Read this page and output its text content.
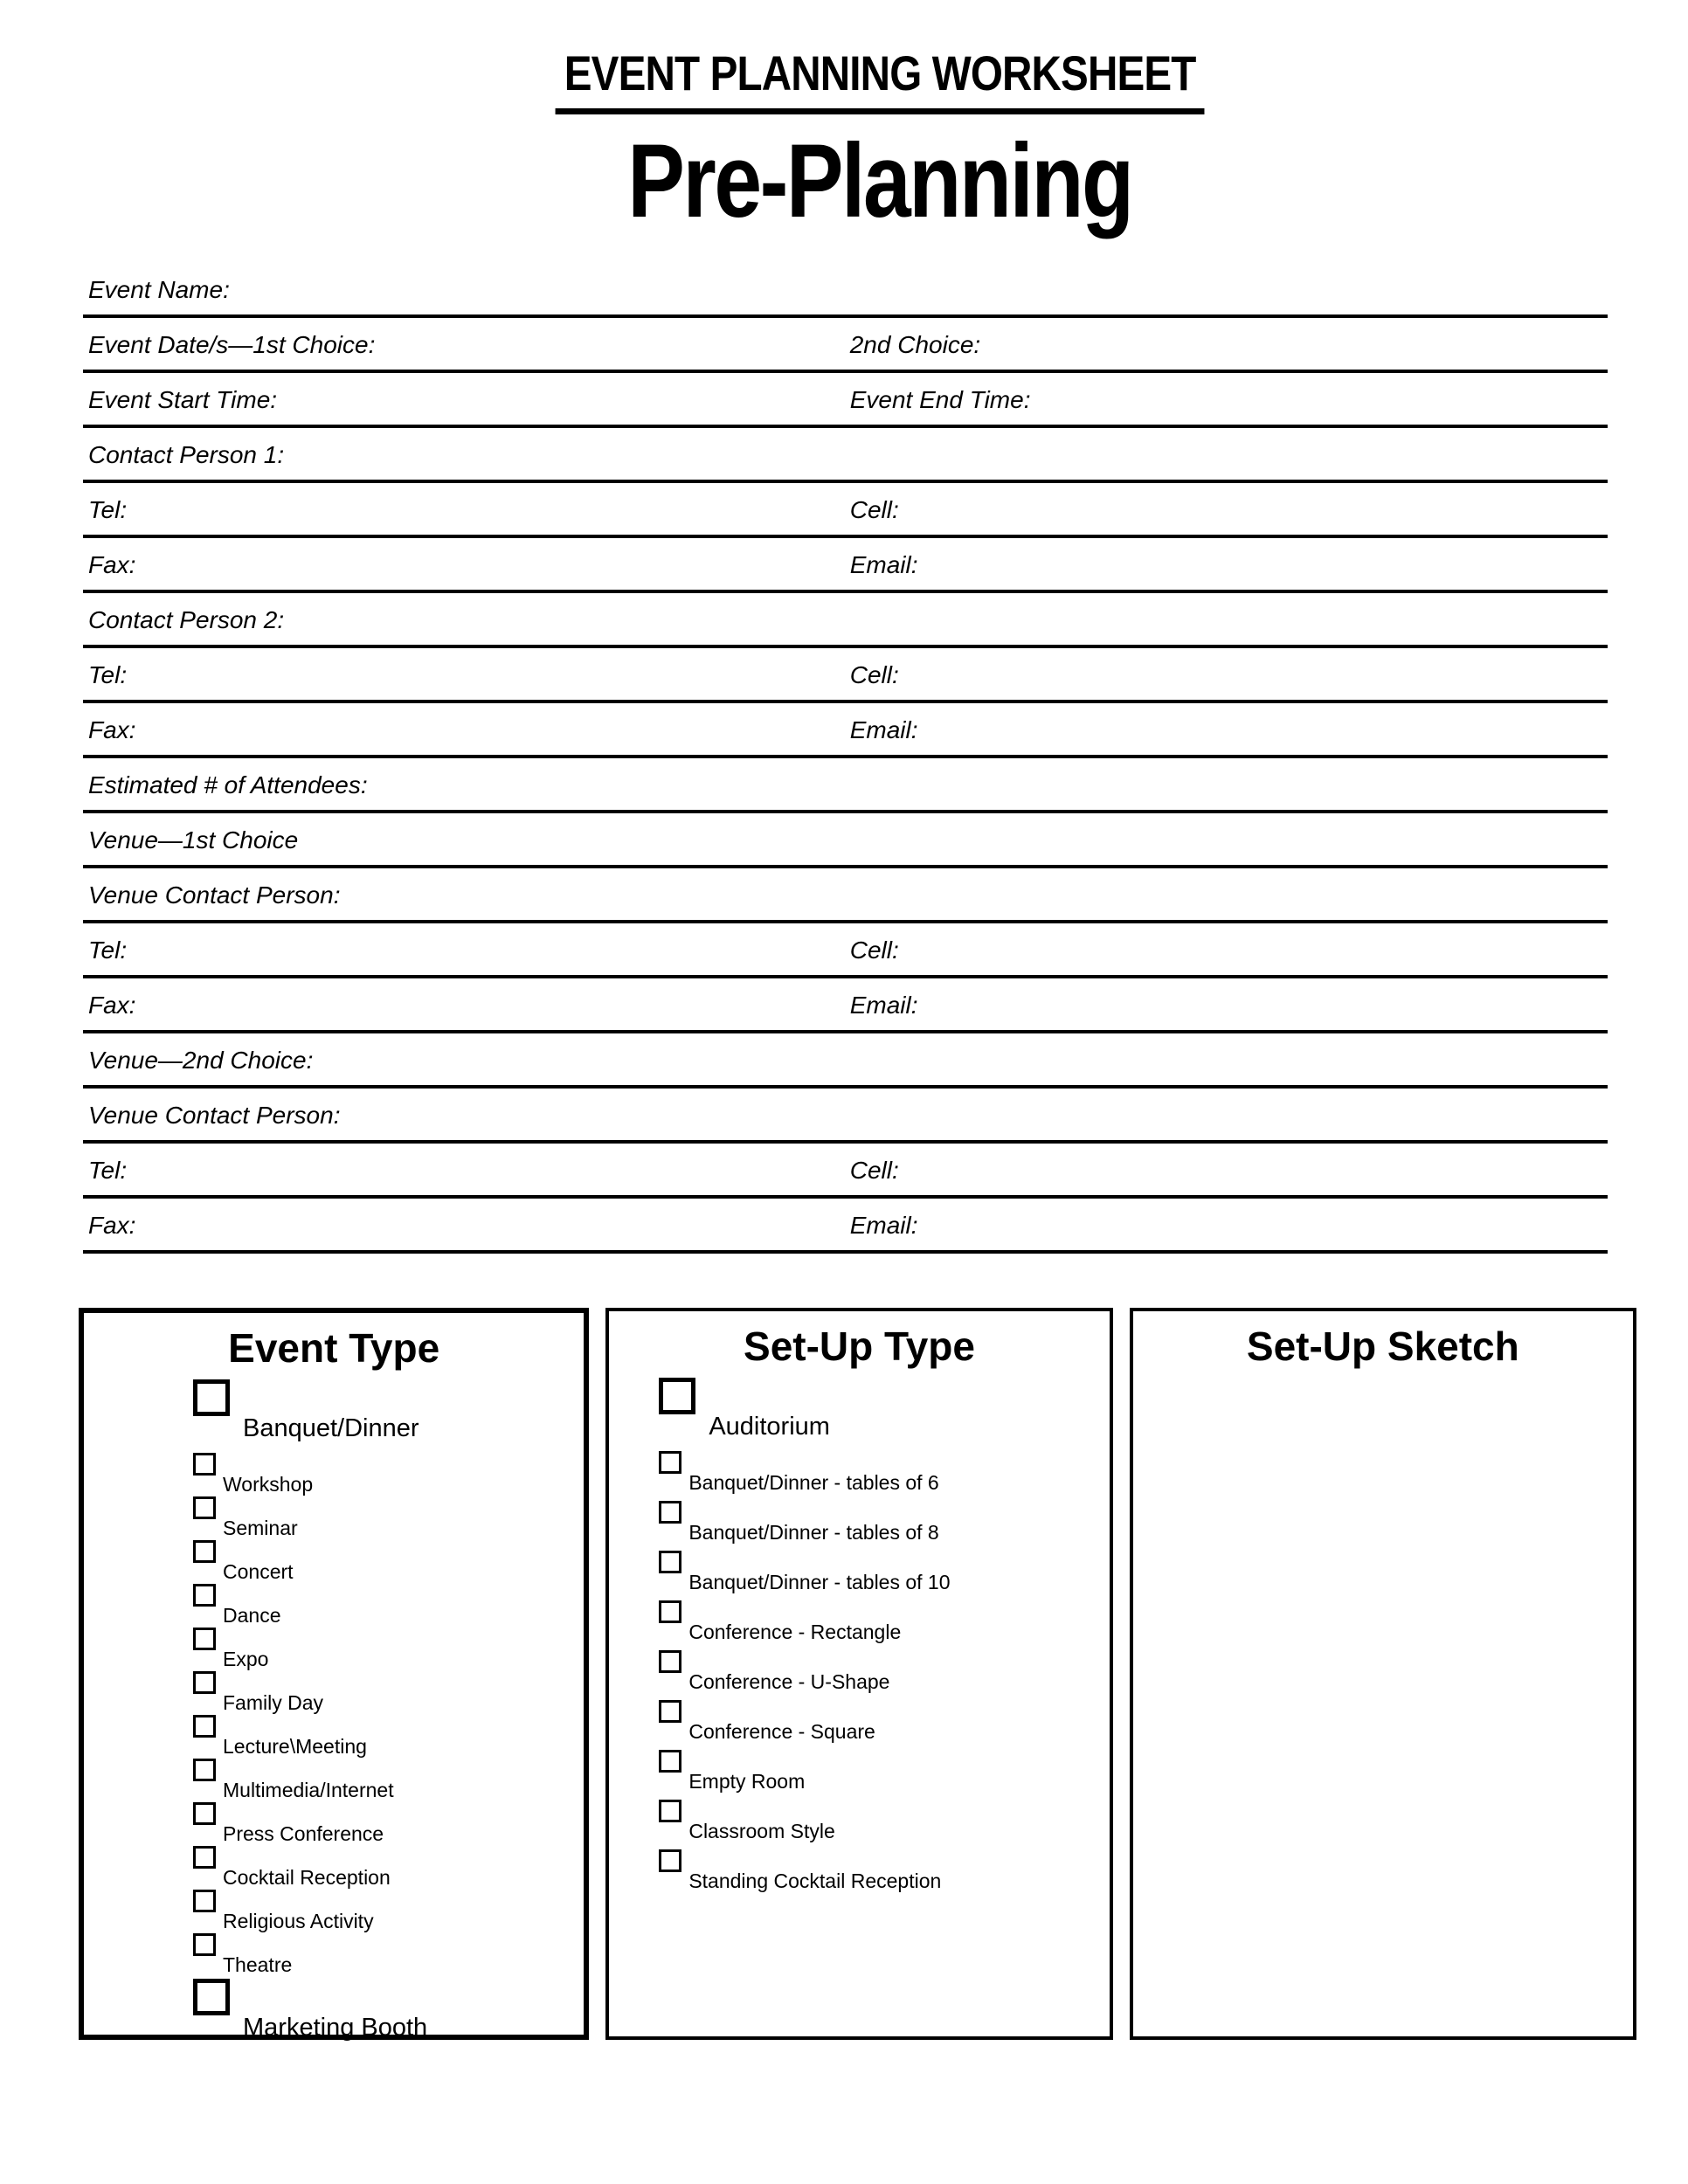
EVENT PLANNING WORKSHEET
Pre-Planning
Event Name:
Event Date/s—1st Choice:	2nd Choice:
Event Start Time:	Event End Time:
Contact Person 1:
Tel:	Cell:
Fax:	Email:
Contact Person 2:
Tel:	Cell:
Fax:	Email:
Estimated # of Attendees:
Venue—1st Choice
Venue Contact Person:
Tel:	Cell:
Fax:	Email:
Venue—2nd Choice:
Venue Contact Person:
Tel:	Cell:
Fax:	Email:
Event Type
Banquet/Dinner
Workshop
Seminar
Concert
Dance
Expo
Family Day
Lecture\Meeting
Multimedia/Internet
Press Conference
Cocktail Reception
Religious Activity
Theatre
Marketing Booth
Set-Up Type
Auditorium
Banquet/Dinner - tables of 6
Banquet/Dinner - tables of 8
Banquet/Dinner - tables of 10
Conference - Rectangle
Conference - U-Shape
Conference - Square
Empty Room
Classroom Style
Standing Cocktail Reception
Set-Up Sketch
